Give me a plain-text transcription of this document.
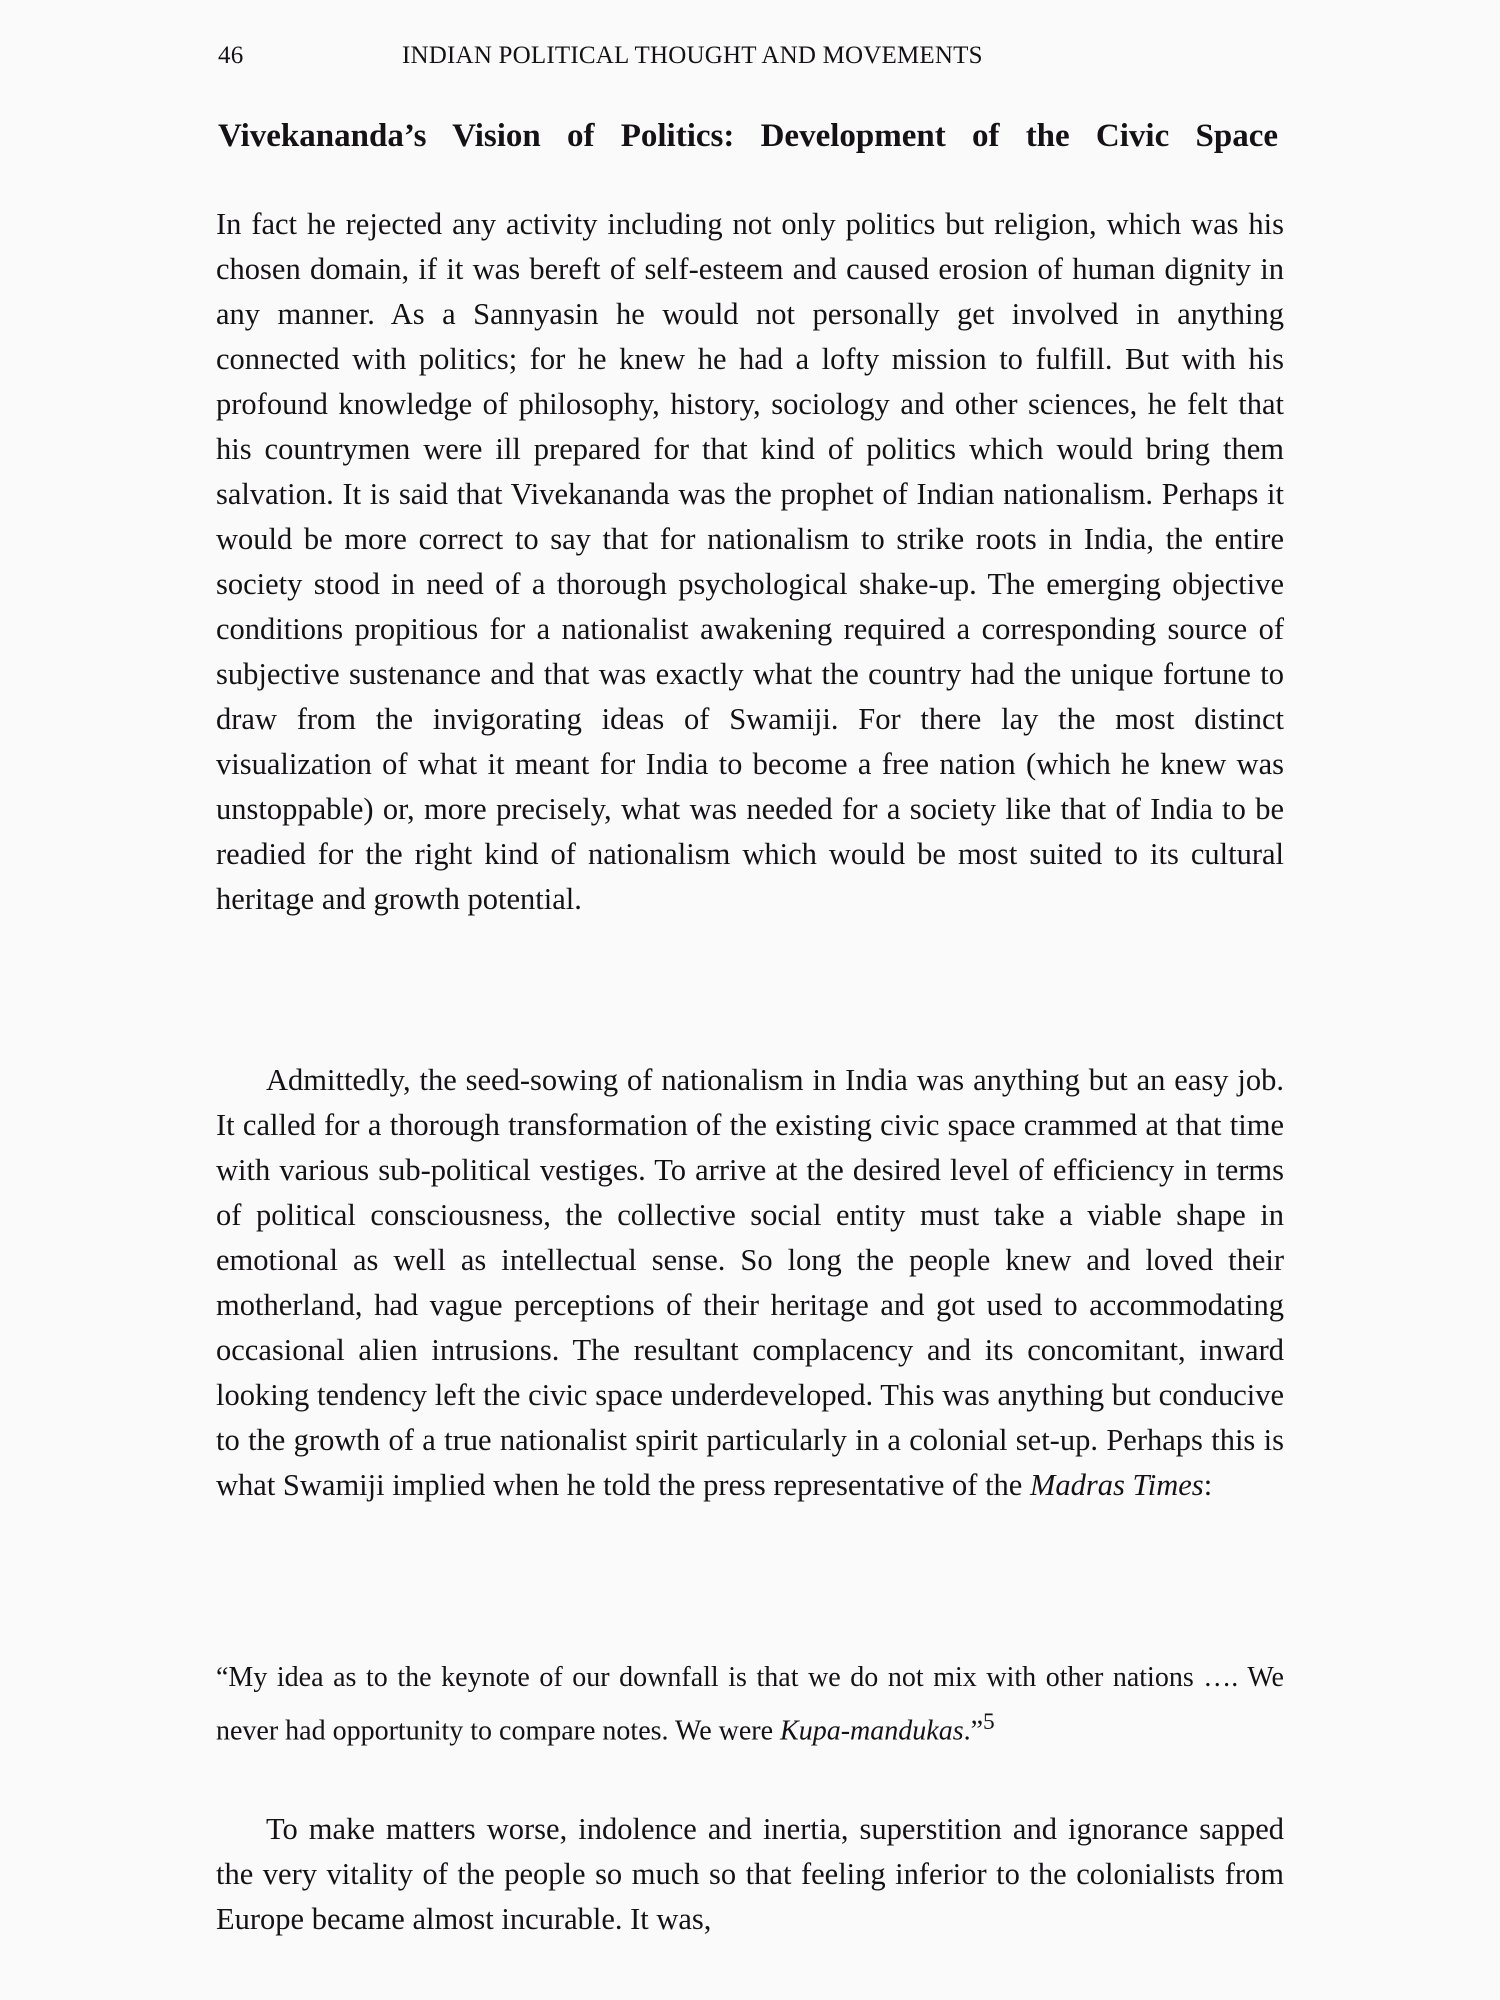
46	INDIAN POLITICAL THOUGHT AND MOVEMENTS
Vivekananda’s Vision of Politics: Development of the Civic Space

In fact he rejected any activity including not only politics but religion, which was his chosen domain, if it was bereft of self-esteem and caused erosion of human dignity in any manner. As a Sannyasin he would not personally get involved in anything connected with politics; for he knew he had a lofty mission to fulfill. But with his profound knowledge of philosophy, history, sociology and other sciences, he felt that his countrymen were ill prepared for that kind of politics which would bring them salvation. It is said that Vivekananda was the prophet of Indian nationalism. Perhaps it would be more correct to say that for nationalism to strike roots in India, the entire society stood in need of a thorough psychological shake-up. The emerging objective conditions propitious for a nationalist awakening required a corresponding source of subjective sustenance and that was exactly what the country had the unique fortune to draw from the invigorating ideas of Swamiji. For there lay the most distinct visualization of what it meant for India to become a free nation (which he knew was unstoppable) or, more precisely, what was needed for a society like that of India to be readied for the right kind of nationalism which would be most suited to its cultural heritage and growth potential.

Admittedly, the seed-sowing of nationalism in India was anything but an easy job. It called for a thorough transformation of the existing civic space crammed at that time with various sub-political vestiges. To arrive at the desired level of efficiency in terms of political consciousness, the collective social entity must take a viable shape in emotional as well as intellectual sense. So long the people knew and loved their motherland, had vague perceptions of their heritage and got used to accommodating occasional alien intrusions. The resultant complacency and its concomitant, inward looking tendency left the civic space underdeveloped. This was anything but conducive to the growth of a true nationalist spirit particularly in a colonial set-up. Perhaps this is what Swamiji implied when he told the press representative of the Madras Times:

“My idea as to the keynote of our downfall is that we do not mix with other nations …. We never had opportunity to compare notes. We were Kupa-mandukas.”$^5$

To make matters worse, indolence and inertia, superstition and ignorance sapped the very vitality of the people so much so that feeling inferior to the colonialists from Europe became almost incurable. It was,
